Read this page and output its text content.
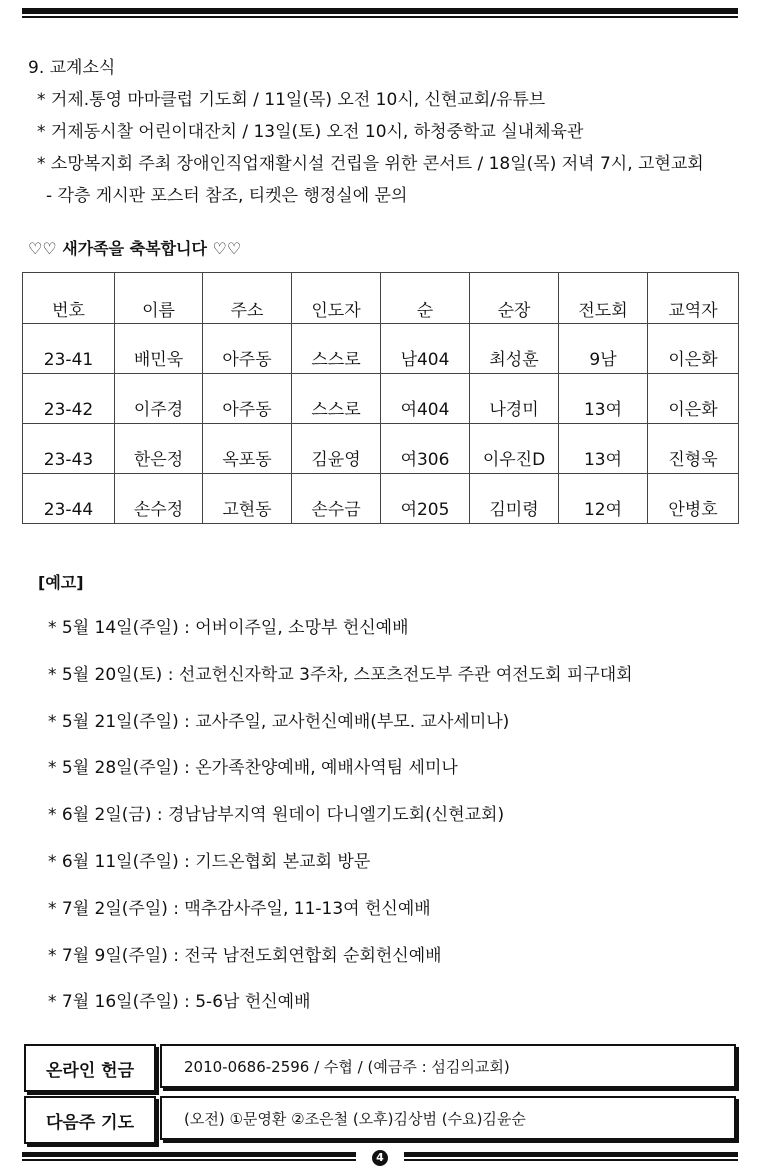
9. 교계소식
* 거제.통영 마마클럽 기도회 / 11일(목) 오전 10시, 신현교회/유튜브
* 거제동시찰 어린이대잔치 / 13일(토) 오전 10시, 하청중학교 실내체육관
* 소망복지회 주최 장애인직업재활시설 건립을 위한 콘서트 / 18일(목) 저녁 7시, 고현교회
- 각층 게시판 포스터 참조, 티켓은 행정실에 문의
♡♡ 새가족을 축복합니다 ♡♡
번호	이름	주소	인도자	순	순장	전도회	교역자
23-41	배민욱	아주동	스스로	남404	최성훈	9남	이은화
23-42	이주경	아주동	스스로	여404	나경미	13여	이은화
23-43	한은정	옥포동	김윤영	여306	이우진D	13여	진형욱
23-44	손수정	고현동	손수금	여205	김미령	12여	안병호
[예고]
* 5월 14일(주일) : 어버이주일, 소망부 헌신예배
* 5월 20일(토) : 선교헌신자학교 3주차, 스포츠전도부 주관 여전도회 피구대회
* 5월 21일(주일) : 교사주일, 교사헌신예배(부모. 교사세미나)
* 5월 28일(주일) : 온가족찬양예배, 예배사역팀 세미나
* 6월 2일(금) : 경남남부지역 원데이 다니엘기도회(신현교회)
* 6월 11일(주일) : 기드온협회 본교회 방문
* 7월 2일(주일) : 맥추감사주일, 11-13여 헌신예배
* 7월 9일(주일) : 전국 남전도회연합회 순회헌신예배
* 7월 16일(주일) : 5-6남 헌신예배
온라인 헌금	2010-0686-2596 / 수협 / (예금주 : 섬김의교회)
다음주 기도	(오전) ①문영환 ②조은철 (오후)김상범 (수요)김윤순
4
